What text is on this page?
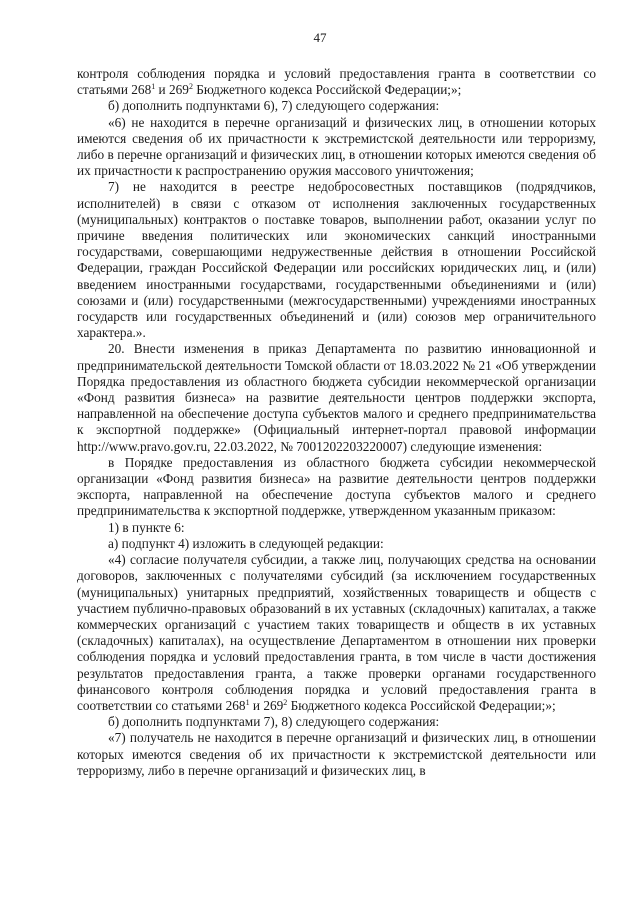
47

контроля соблюдения порядка и условий предоставления гранта в соответствии со статьями $268^1$ и $269^2$ Бюджетного кодекса Российской Федерации;»;

б) дополнить подпунктами 6), 7) следующего содержания:

«6) не находится в перечне организаций и физических лиц, в отношении которых имеются сведения об их причастности к экстремистской деятельности или терроризму, либо в перечне организаций и физических лиц, в отношении которых имеются сведения об их причастности к распространению оружия массового уничтожения;

7) не находится в реестре недобросовестных поставщиков (подрядчиков, исполнителей) в связи с отказом от исполнения заключенных государственных (муниципальных) контрактов о поставке товаров, выполнении работ, оказании услуг по причине введения политических или экономических санкций иностранными государствами, совершающими недружественные действия в отношении Российской Федерации, граждан Российской Федерации или российских юридических лиц, и (или) введением иностранными государствами, государственными объединениями и (или) союзами и (или) государственными (межгосударственными) учреждениями иностранных государств или государственных объединений и (или) союзов мер ограничительного характера.».

20. Внести изменения в приказ Департамента по развитию инновационной и предпринимательской деятельности Томской области от 18.03.2022 № 21 «Об утверждении Порядка предоставления из областного бюджета субсидии некоммерческой организации «Фонд развития бизнеса» на развитие деятельности центров поддержки экспорта, направленной на обеспечение доступа субъектов малого и среднего предпринимательства к экспортной поддержке» (Официальный интернет-портал правовой информации http://www.pravo.gov.ru, 22.03.2022, № 7001202203220007) следующие изменения:

в Порядке предоставления из областного бюджета субсидии некоммерческой организации «Фонд развития бизнеса» на развитие деятельности центров поддержки экспорта, направленной на обеспечение доступа субъектов малого и среднего предпринимательства к экспортной поддержке, утвержденном указанным приказом:

1) в пункте 6:

а) подпункт 4) изложить в следующей редакции:

«4) согласие получателя субсидии, а также лиц, получающих средства на основании договоров, заключенных с получателями субсидий (за исключением государственных (муниципальных) унитарных предприятий, хозяйственных товариществ и обществ с участием публично-правовых образований в их уставных (складочных) капиталах, а также коммерческих организаций с участием таких товариществ и обществ в их уставных (складочных) капиталах), на осуществление Департаментом в отношении них проверки соблюдения порядка и условий предоставления гранта, в том числе в части достижения результатов предоставления гранта, а также проверки органами государственного финансового контроля соблюдения порядка и условий предоставления гранта в соответствии со статьями $268^1$ и $269^2$ Бюджетного кодекса Российской Федерации;»;

б) дополнить подпунктами 7), 8) следующего содержания:

«7) получатель не находится в перечне организаций и физических лиц, в отношении которых имеются сведения об их причастности к экстремистской деятельности или терроризму, либо в перечне организаций и физических лиц, в
